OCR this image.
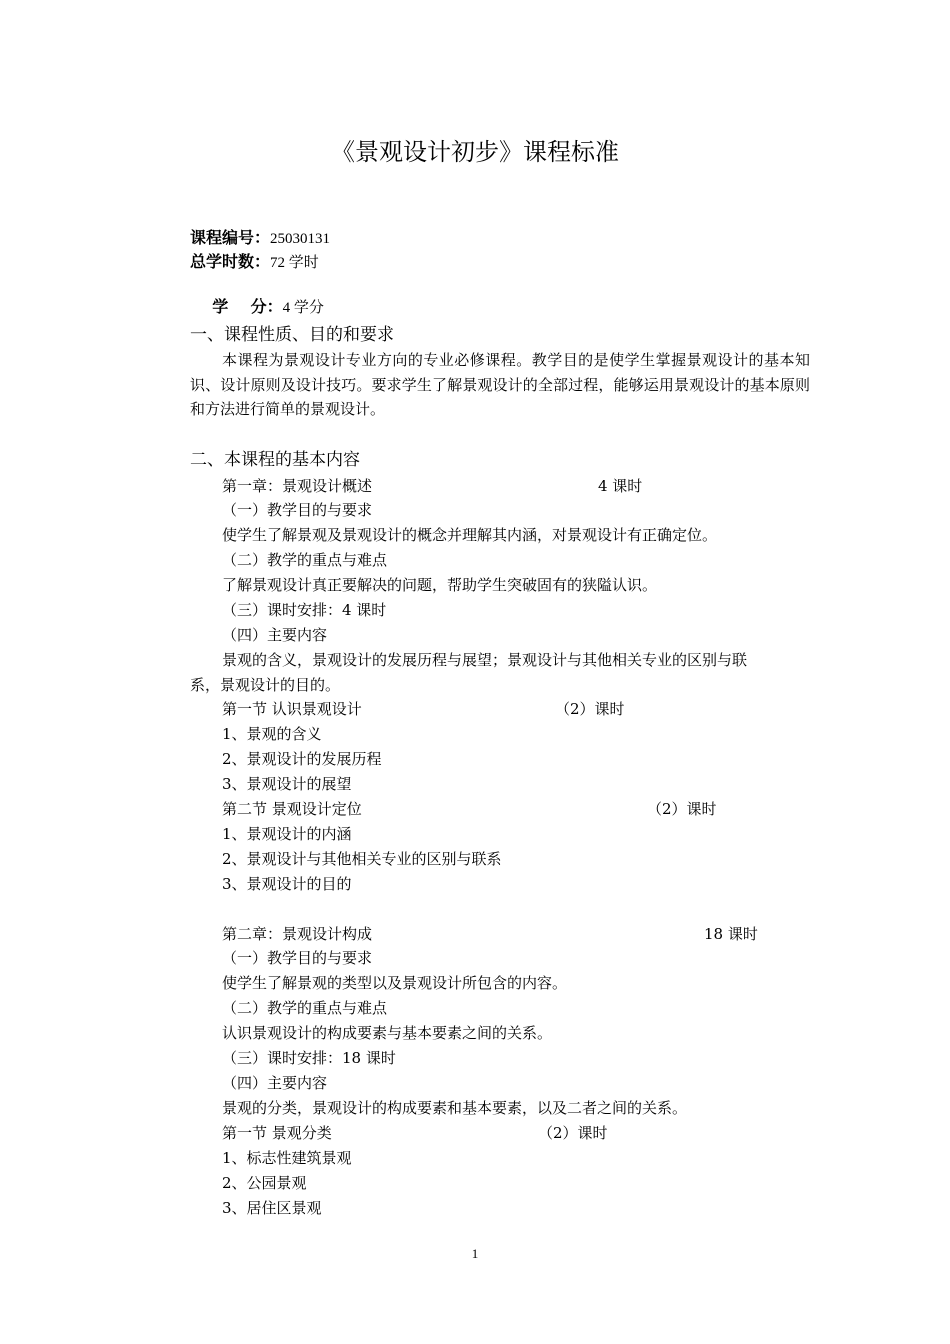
《景观设计初步》课程标准
课程编号：25030131
总学时数：72 学时

学    分：4 学分

一、课程性质、目的和要求
本课程为景观设计专业方向的专业必修课程。教学目的是使学生掌握景观设计的基本知识、设计原则及设计技巧。要求学生了解景观设计的全部过程，能够运用景观设计的基本原则和方法进行简单的景观设计。
二、本课程的基本内容
第一章：景观设计概述	4 课时
（一）教学目的与要求
使学生了解景观及景观设计的概念并理解其内涵，对景观设计有正确定位。
（二）教学的重点与难点
了解景观设计真正要解决的问题，帮助学生突破固有的狭隘认识。
（三）课时安排：4 课时
（四）主要内容
景观的含义，景观设计的发展历程与展望；景观设计与其他相关专业的区别与联
系，景观设计的目的。
第一节 认识景观设计	（2）课时
1、景观的含义
2、景观设计的发展历程
3、景观设计的展望
第二节 景观设计定位	（2）课时
1、景观设计的内涵
2、景观设计与其他相关专业的区别与联系
3、景观设计的目的
第二章：景观设计构成	18 课时
（一）教学目的与要求
使学生了解景观的类型以及景观设计所包含的内容。
（二）教学的重点与难点
认识景观设计的构成要素与基本要素之间的关系。
（三）课时安排：18 课时
（四）主要内容
景观的分类，景观设计的构成要素和基本要素，以及二者之间的关系。
第一节 景观分类	（2）课时
1、标志性建筑景观
2、公园景观
3、居住区景观
1
